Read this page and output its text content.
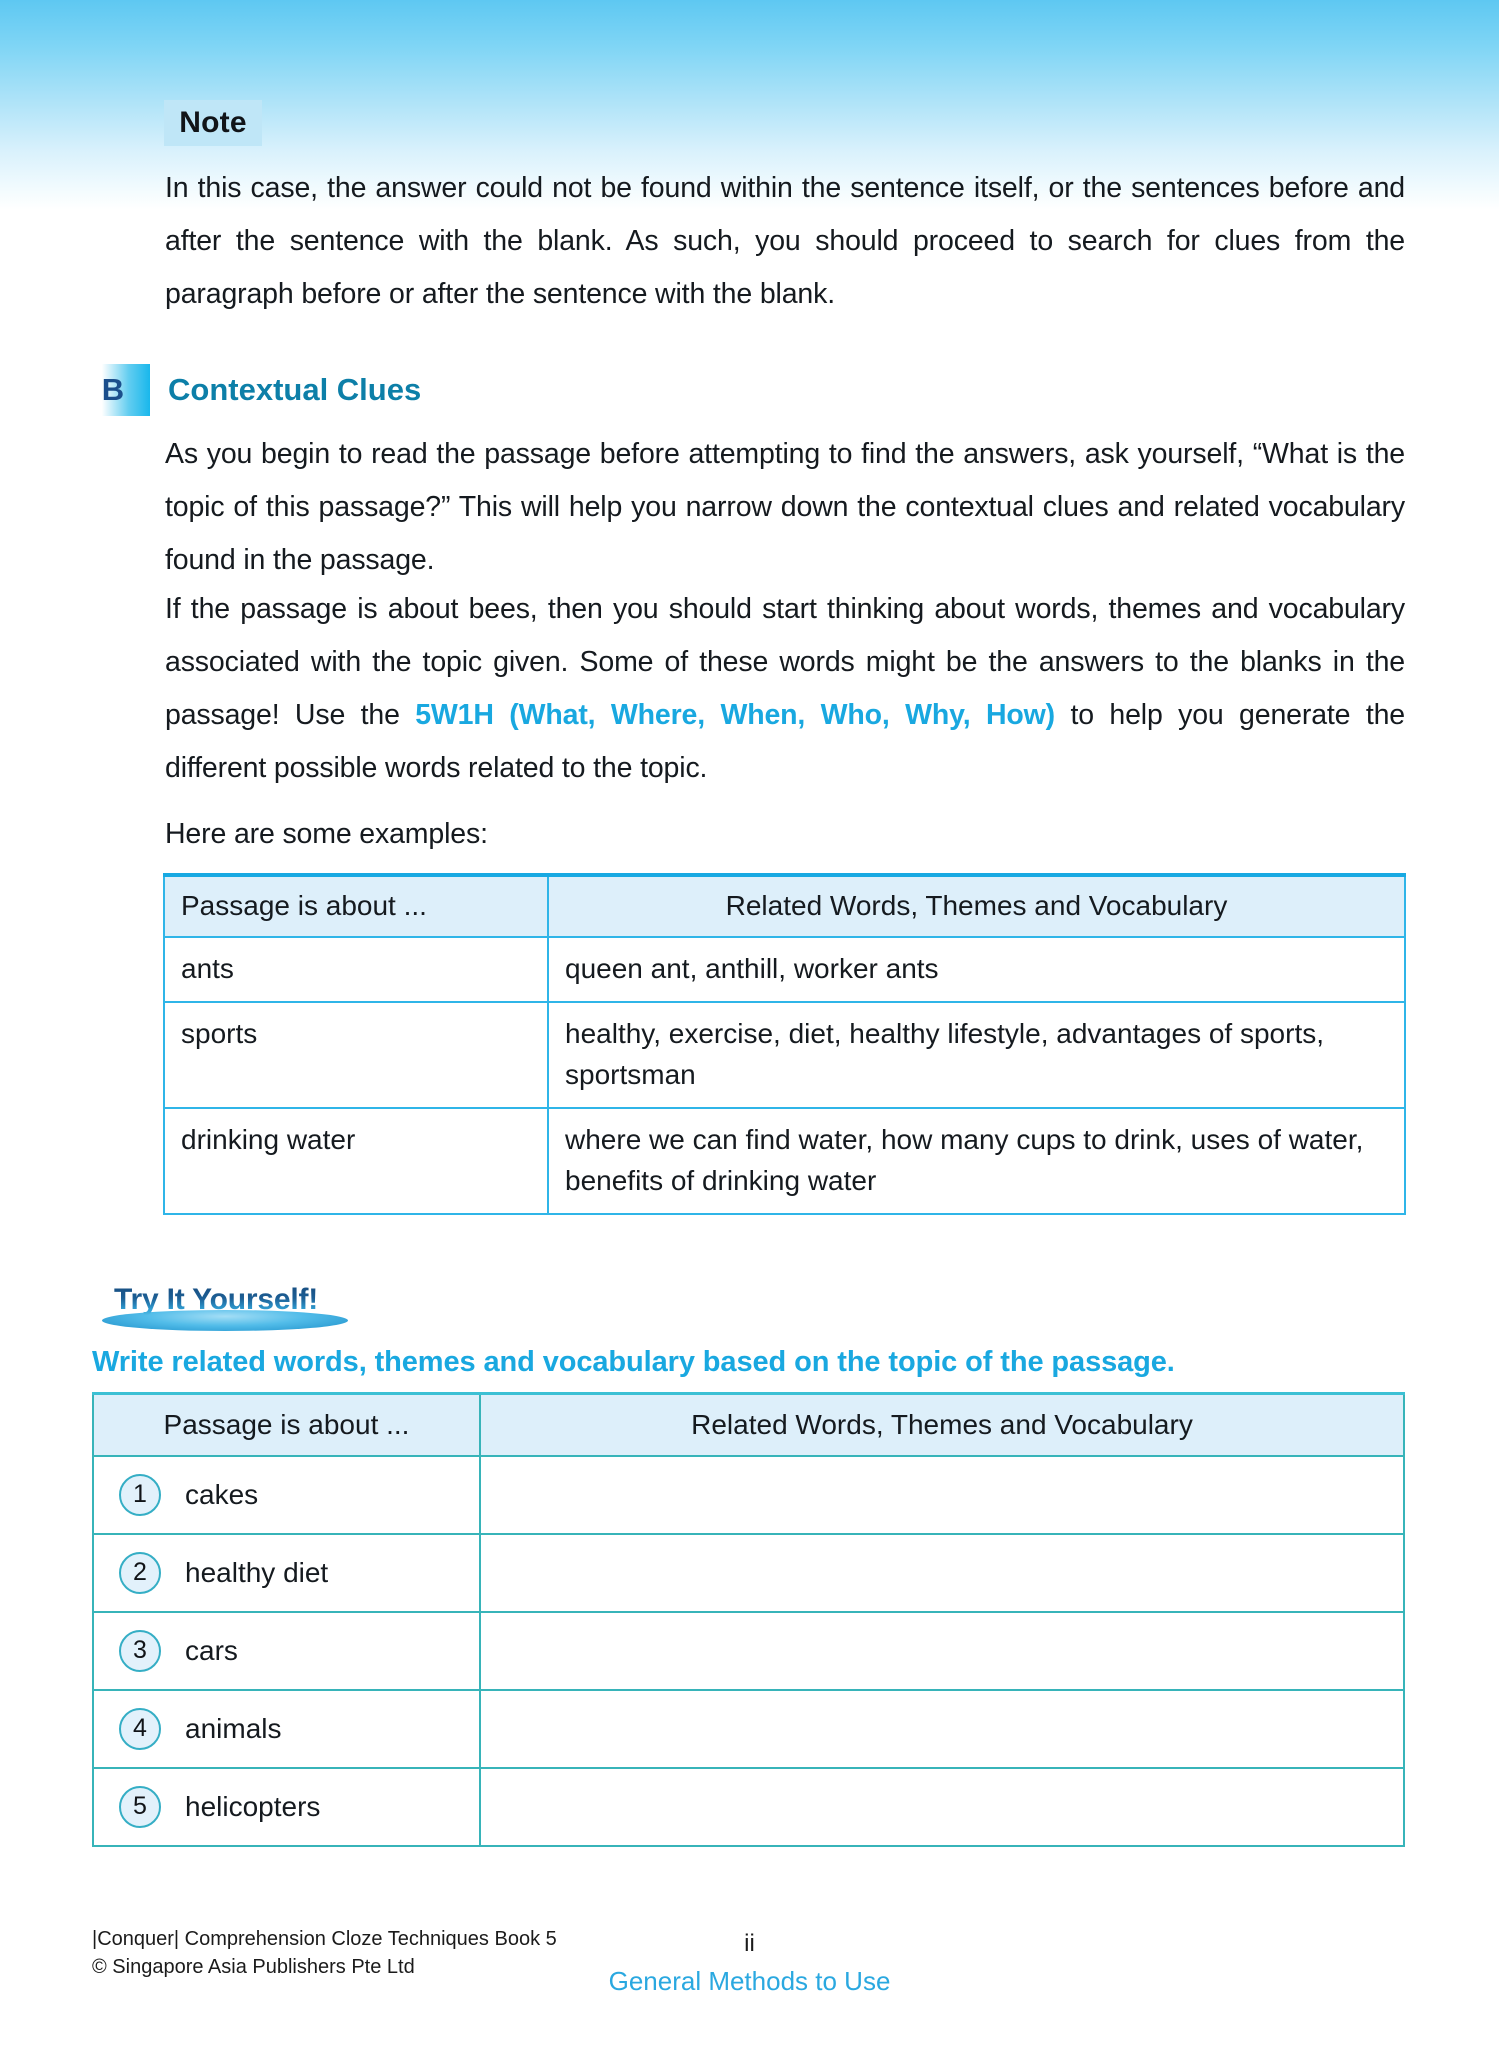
Note
In this case, the answer could not be found within the sentence itself, or the sentences before and after the sentence with the blank. As such, you should proceed to search for clues from the paragraph before or after the sentence with the blank.
B Contextual Clues
As you begin to read the passage before attempting to find the answers, ask yourself, “What is the topic of this passage?” This will help you narrow down the contextual clues and related vocabulary found in the passage.
If the passage is about bees, then you should start thinking about words, themes and vocabulary associated with the topic given. Some of these words might be the answers to the blanks in the passage! Use the 5W1H (What, Where, When, Who, Why, How) to help you generate the different possible words related to the topic.
Here are some examples:
Passage is about ...	Related Words, Themes and Vocabulary
ants	queen ant, anthill, worker ants
sports	healthy, exercise, diet, healthy lifestyle, advantages of sports, sportsman
drinking water	where we can find water, how many cups to drink, uses of water, benefits of drinking water
Try It Yourself!
Write related words, themes and vocabulary based on the topic of the passage.
Passage is about ...	Related Words, Themes and Vocabulary

1 cakes	

2 healthy diet	

3 cars	

4 animals	

5 helicopters	

|Conquer| Comprehension Cloze Techniques Book 5
© Singapore Asia Publishers Pte Ltd
ii
General Methods to Use
